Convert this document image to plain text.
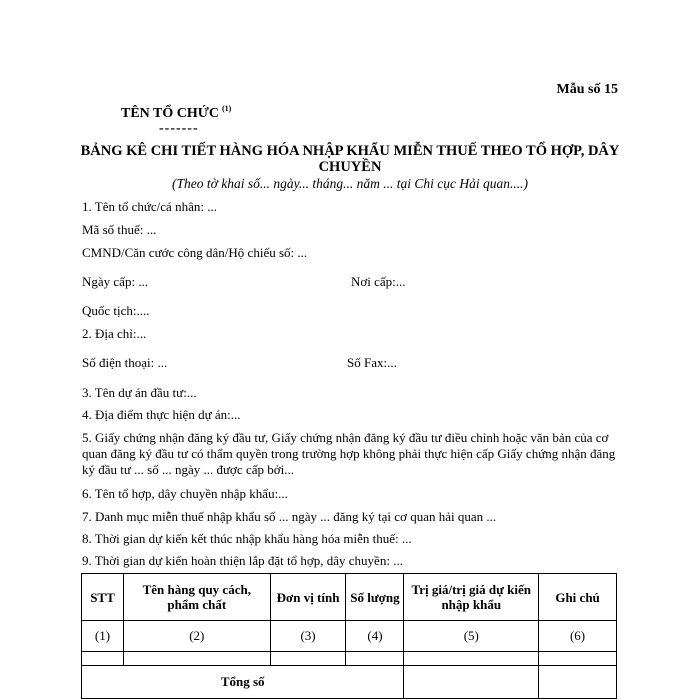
Mẫu số 15
TÊN TỔ CHỨC $^{(1)}$
-------
BẢNG KÊ CHI TIẾT HÀNG HÓA NHẬP KHẨU MIỄN THUẾ THEO TỔ HỢP, DÂY CHUYỀN
(Theo tờ khai số... ngày... tháng... năm ... tại Chi cục Hải quan....)
1. Tên tổ chức/cá nhân: ...
Mã số thuế: ...
CMND/Căn cước công dân/Hộ chiếu số: ...
Ngày cấp: ...	Nơi cấp:...
Quốc tịch:....
2. Địa chỉ:...
Số điện thoại: ...	Số Fax:...
3. Tên dự án đầu tư:...
4. Địa điểm thực hiện dự án:...
5. Giấy chứng nhận đăng ký đầu tư, Giấy chứng nhận đăng ký đầu tư điều chỉnh hoặc văn bản của cơ quan đăng ký đầu tư có thẩm quyền trong trường hợp không phải thực hiện cấp Giấy chứng nhận đăng ký đầu tư ... số ... ngày ... được cấp bởi...
6. Tên tổ hợp, dây chuyền nhập khẩu:...
7. Danh mục miễn thuế nhập khẩu số ... ngày ... đăng ký tại cơ quan hải quan ...
8. Thời gian dự kiến kết thúc nhập khẩu hàng hóa miễn thuế: ...
9. Thời gian dự kiến hoàn thiện lắp đặt tổ hợp, dây chuyền: ...
STT	Tên hàng quy cách, phẩm chất	Đơn vị tính	Số lượng	Trị giá/trị giá dự kiến nhập khẩu	Ghi chú
(1)	(2)	(3)	(4)	(5)	(6)

Tổng số					
